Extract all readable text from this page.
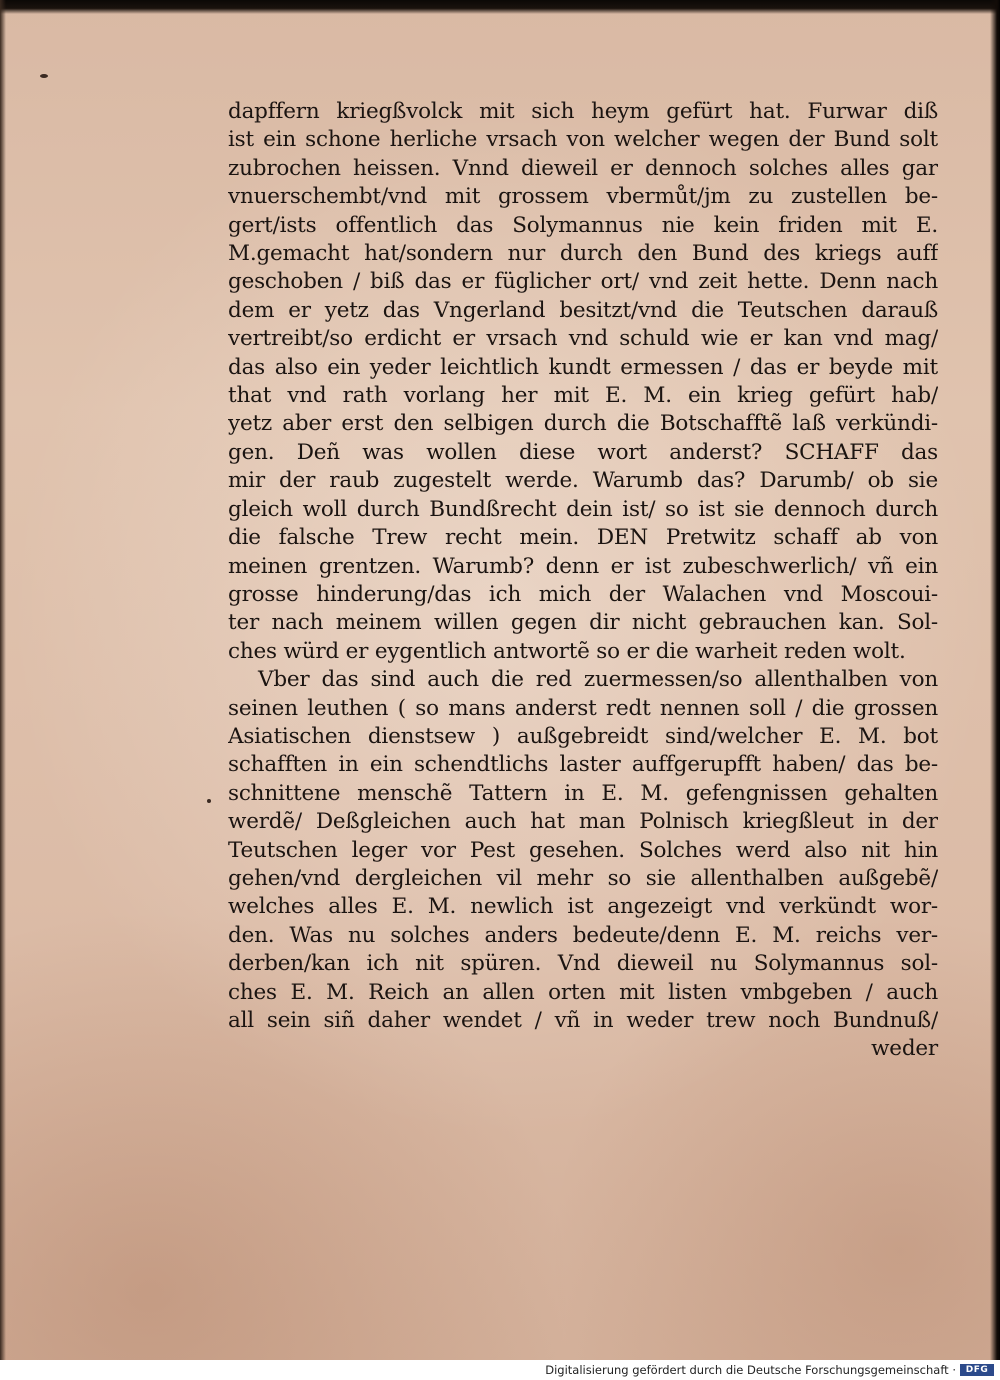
dapffern kriegßvolck mit sich heym gefürt hat. Furwar diß
ist ein schone herliche vrsach von welcher wegen der Bund solt
zubrochen heissen. Vnnd dieweil er dennoch solches alles gar
vnuerschembt/vnd mit grossem vbermůt/jm zu zustellen be-
gert/ists offentlich das Solymannus nie kein friden mit E.
M.gemacht hat/sondern nur durch den Bund des kriegs auff
geschoben / biß das er füglicher ort/ vnd zeit hette. Denn nach
dem er yetz das Vngerland besitzt/vnd die Teutschen darauß
vertreibt/so erdicht er vrsach vnd schuld wie er kan vnd mag/
das also ein yeder leichtlich kundt ermessen / das er beyde mit
that vnd rath vorlang her mit E. M. ein krieg gefürt hab/
yetz aber erst den selbigen durch die Botschafftẽ laß verkündi-
gen. Deñ was wollen diese wort anderst? SCHAFF das
mir der raub zugestelt werde. Warumb das? Darumb/ ob sie
gleich woll durch Bundßrecht dein ist/ so ist sie dennoch durch
die falsche Trew recht mein. DEN Pretwitz schaff ab von
meinen grentzen. Warumb? denn er ist zubeschwerlich/ vñ ein
grosse hinderung/das ich mich der Walachen vnd Moscoui-
ter nach meinem willen gegen dir nicht gebrauchen kan. Sol-
ches würd er eygentlich antwortẽ so er die warheit reden wolt.
Vber das sind auch die red zuermessen/so allenthalben von
seinen leuthen ( so mans anderst redt nennen soll / die grossen
Asiatischen dienstsew ) außgebreidt sind/welcher E. M. bot
schafften in ein schendtlichs laster auffgerupfft haben/ das be-
schnittene menschẽ Tattern in E. M. gefengnissen gehalten
werdẽ/ Deßgleichen auch hat man Polnisch kriegßleut in der
Teutschen leger vor Pest gesehen. Solches werd also nit hin
gehen/vnd dergleichen vil mehr so sie allenthalben außgebẽ/
welches alles E. M. newlich ist angezeigt vnd verkündt wor-
den. Was nu solches anders bedeute/denn E. M. reichs ver-
derben/kan ich nit spüren. Vnd dieweil nu Solymannus sol-
ches E. M. Reich an allen orten mit listen vmbgeben / auch
all sein siñ daher wendet / vñ in weder trew noch Bundnuß/
weder
Digitalisierung gefördert durch die Deutsche Forschungsgemeinschaft ·	DFG
